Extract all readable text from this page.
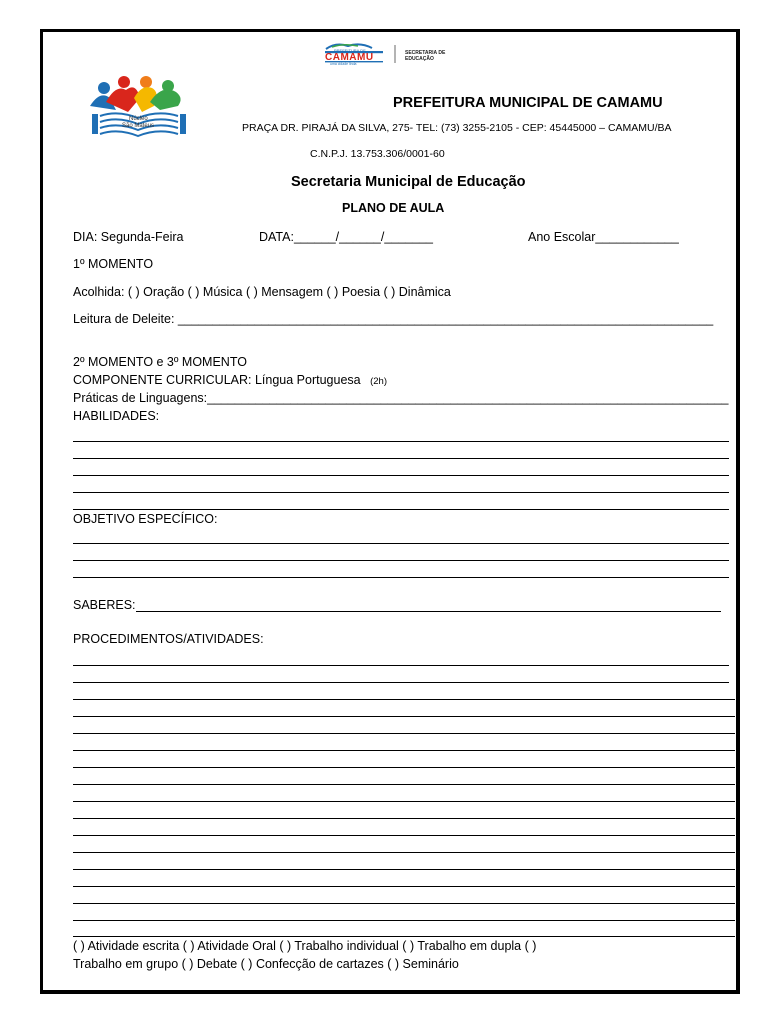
PREFEITURA DE
CAMAMU
uma cidade linda
SECRETARIA DE
EDUCAÇÃO
Núcleo
São Mateus
PREFEITURA MUNICIPAL DE CAMAMU
PRAÇA DR. PIRAJÁ DA SILVA, 275- TEL: (73) 3255-2105 - CEP: 45445000 – CAMAMU/BA
C.N.P.J. 13.753.306/0001-60
Secretaria Municipal de Educação
PLANO DE AULA
DIA: Segunda-Feira	DATA:______/______/_______	Ano Escolar____________
1º MOMENTO
Acolhida: ( ) Oração ( ) Música ( ) Mensagem ( ) Poesia ( ) Dinâmica
Leitura de Deleite: _____________________________________________________________________________
2º MOMENTO e 3º MOMENTO
COMPONENTE CURRICULAR: Língua Portuguesa (2h)
Práticas de Linguagens:___________________________________________________________________________
HABILIDADES:
OBJETIVO ESPECÍFICO:
SABERES:
PROCEDIMENTOS/ATIVIDADES:
( ) Atividade escrita ( ) Atividade Oral ( ) Trabalho individual ( ) Trabalho em dupla ( )
Trabalho em grupo ( ) Debate ( ) Confecção de cartazes ( ) Seminário
